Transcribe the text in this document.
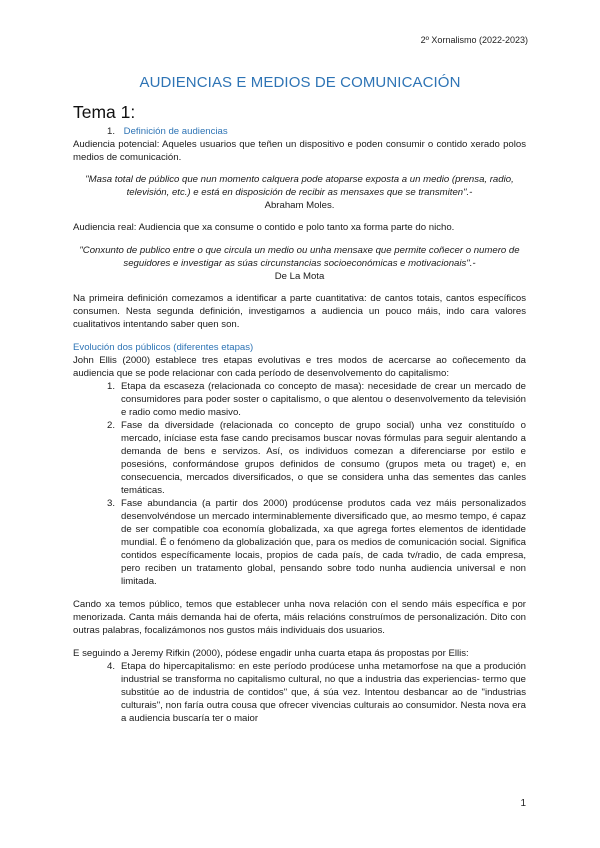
2º Xornalismo (2022-2023)
AUDIENCIAS E MEDIOS DE COMUNICACIÓN
Tema 1:
1. Definición de audiencias

Audiencia potencial: Aqueles usuarios que teñen un dispositivo e poden consumir o contido xerado polos medios de comunicación.

"Masa total de público que nun momento calquera pode atoparse exposta a un medio (prensa, radio, televisión, etc.) e está en disposición de recibir as mensaxes que se transmiten".-

Abraham Moles.

Audiencia real: Audiencia que xa consume o contido e polo tanto xa forma parte do nicho.

"Conxunto de publico entre o que circula un medio ou unha mensaxe que permite coñecer o numero de seguidores e investigar as súas circunstancias socioeconómicas e motivacionais".-

De La Mota

Na primeira definición comezamos a identificar a parte cuantitativa: de cantos totais, cantos específicos consumen. Nesta segunda definición, investigamos a audiencia un pouco máis, indo cara valores cualitativos intentando saber quen son.

Evolución dos públicos (diferentes etapas)

John Ellis (2000) establece tres etapas evolutivas e tres modos de acercarse ao coñecemento da audiencia que se pode relacionar con cada período de desenvolvemento do capitalismo:

1. Etapa da escaseza (relacionada co concepto de masa): necesidade de crear un mercado de consumidores para poder soster o capitalismo, o que alentou o desenvolvemento da televisión e radio como medio masivo.
2. Fase da diversidade (relacionada co concepto de grupo social) unha vez constituído o mercado, iníciase esta fase cando precisamos buscar novas fórmulas para seguir alentando a demanda de bens e servizos. Así, os individuos comezan a diferenciarse por estilo e posesións, conformándose grupos definidos de consumo (grupos meta ou traget) e, en consecuencia, mercados diversificados, o que se considera unha das sementes das canles temáticas.
3. Fase abundancia (a partir dos 2000) prodúcense produtos cada vez máis personalizados desenvolvéndose un mercado interminablemente diversificado que, ao mesmo tempo, é capaz de ser compatible coa economía globalizada, xa que agrega fortes elementos de identidade mundial. É o fenómeno da globalización que, para os medios de comunicación social. Significa contidos específicamente locais, propios de cada país, de cada tv/radio, de cada empresa, pero reciben un tratamento global, pensando sobre todo nunha audiencia universal e non limitada.

Cando xa temos público, temos que establecer unha nova relación con el sendo máis específica e por menorizada. Canta máis demanda hai de oferta, máis relacións construímos de personalización. Dito con outras palabras, focalizámonos nos gustos máis individuais dos usuarios.

E seguindo a Jeremy Rifkin (2000), pódese engadir unha cuarta etapa ás propostas por Ellis:

4. Etapa do hipercapitalismo: en este período prodúcese unha metamorfose na que a produción industrial se transforma no capitalismo cultural, no que a industria das experiencias- termo que substitúe ao de industria de contidos" que, á súa vez. Intentou desbancar ao de "industrias culturais", non faría outra cousa que ofrecer vivencias culturais ao consumidor. Nesta nova era a audiencia buscaría ter o maior
1
